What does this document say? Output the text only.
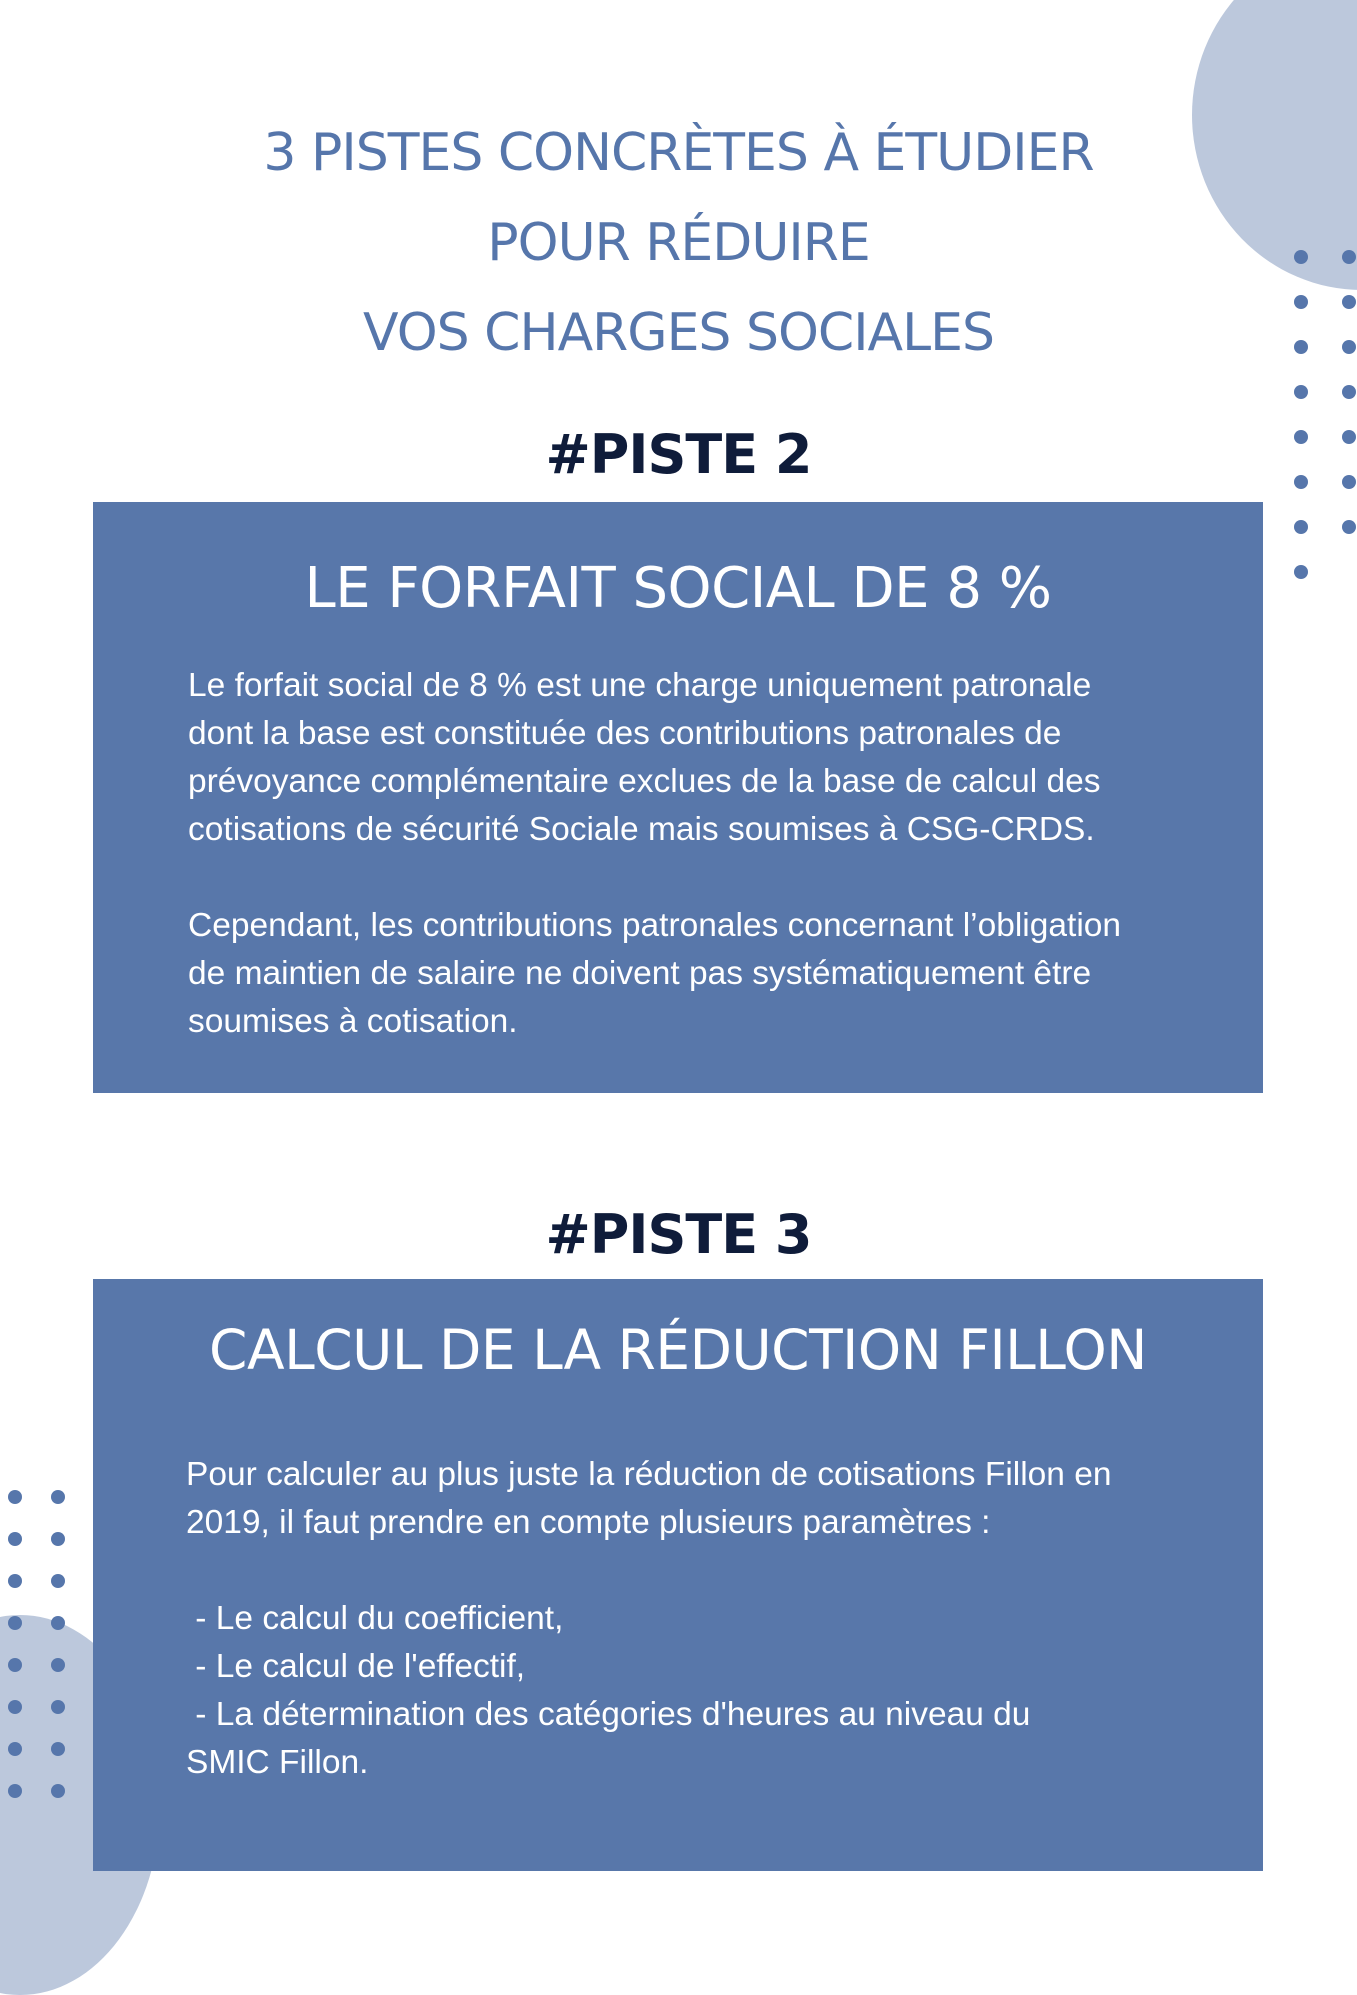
3 PISTES CONCRÈTES À ÉTUDIER
POUR RÉDUIRE
VOS CHARGES SOCIALES
#PISTE 2
LE FORFAIT SOCIAL DE 8 %

Le forfait social de 8 % est une charge uniquement patronale

dont la base est constituée des contributions patronales de

prévoyance complémentaire exclues de la base de calcul des

cotisations de sécurité Sociale mais soumises à CSG-CRDS.

Cependant, les contributions patronales concernant l’obligation

de maintien de salaire ne doivent pas systématiquement être

soumises à cotisation.

#PISTE 3
CALCUL DE LA RÉDUCTION FILLON

Pour calculer au plus juste la réduction de cotisations Fillon en

2019, il faut prendre en compte plusieurs paramètres :

- Le calcul du coefficient,

- Le calcul de l'effectif,

- La détermination des catégories d'heures au niveau du

SMIC Fillon.
